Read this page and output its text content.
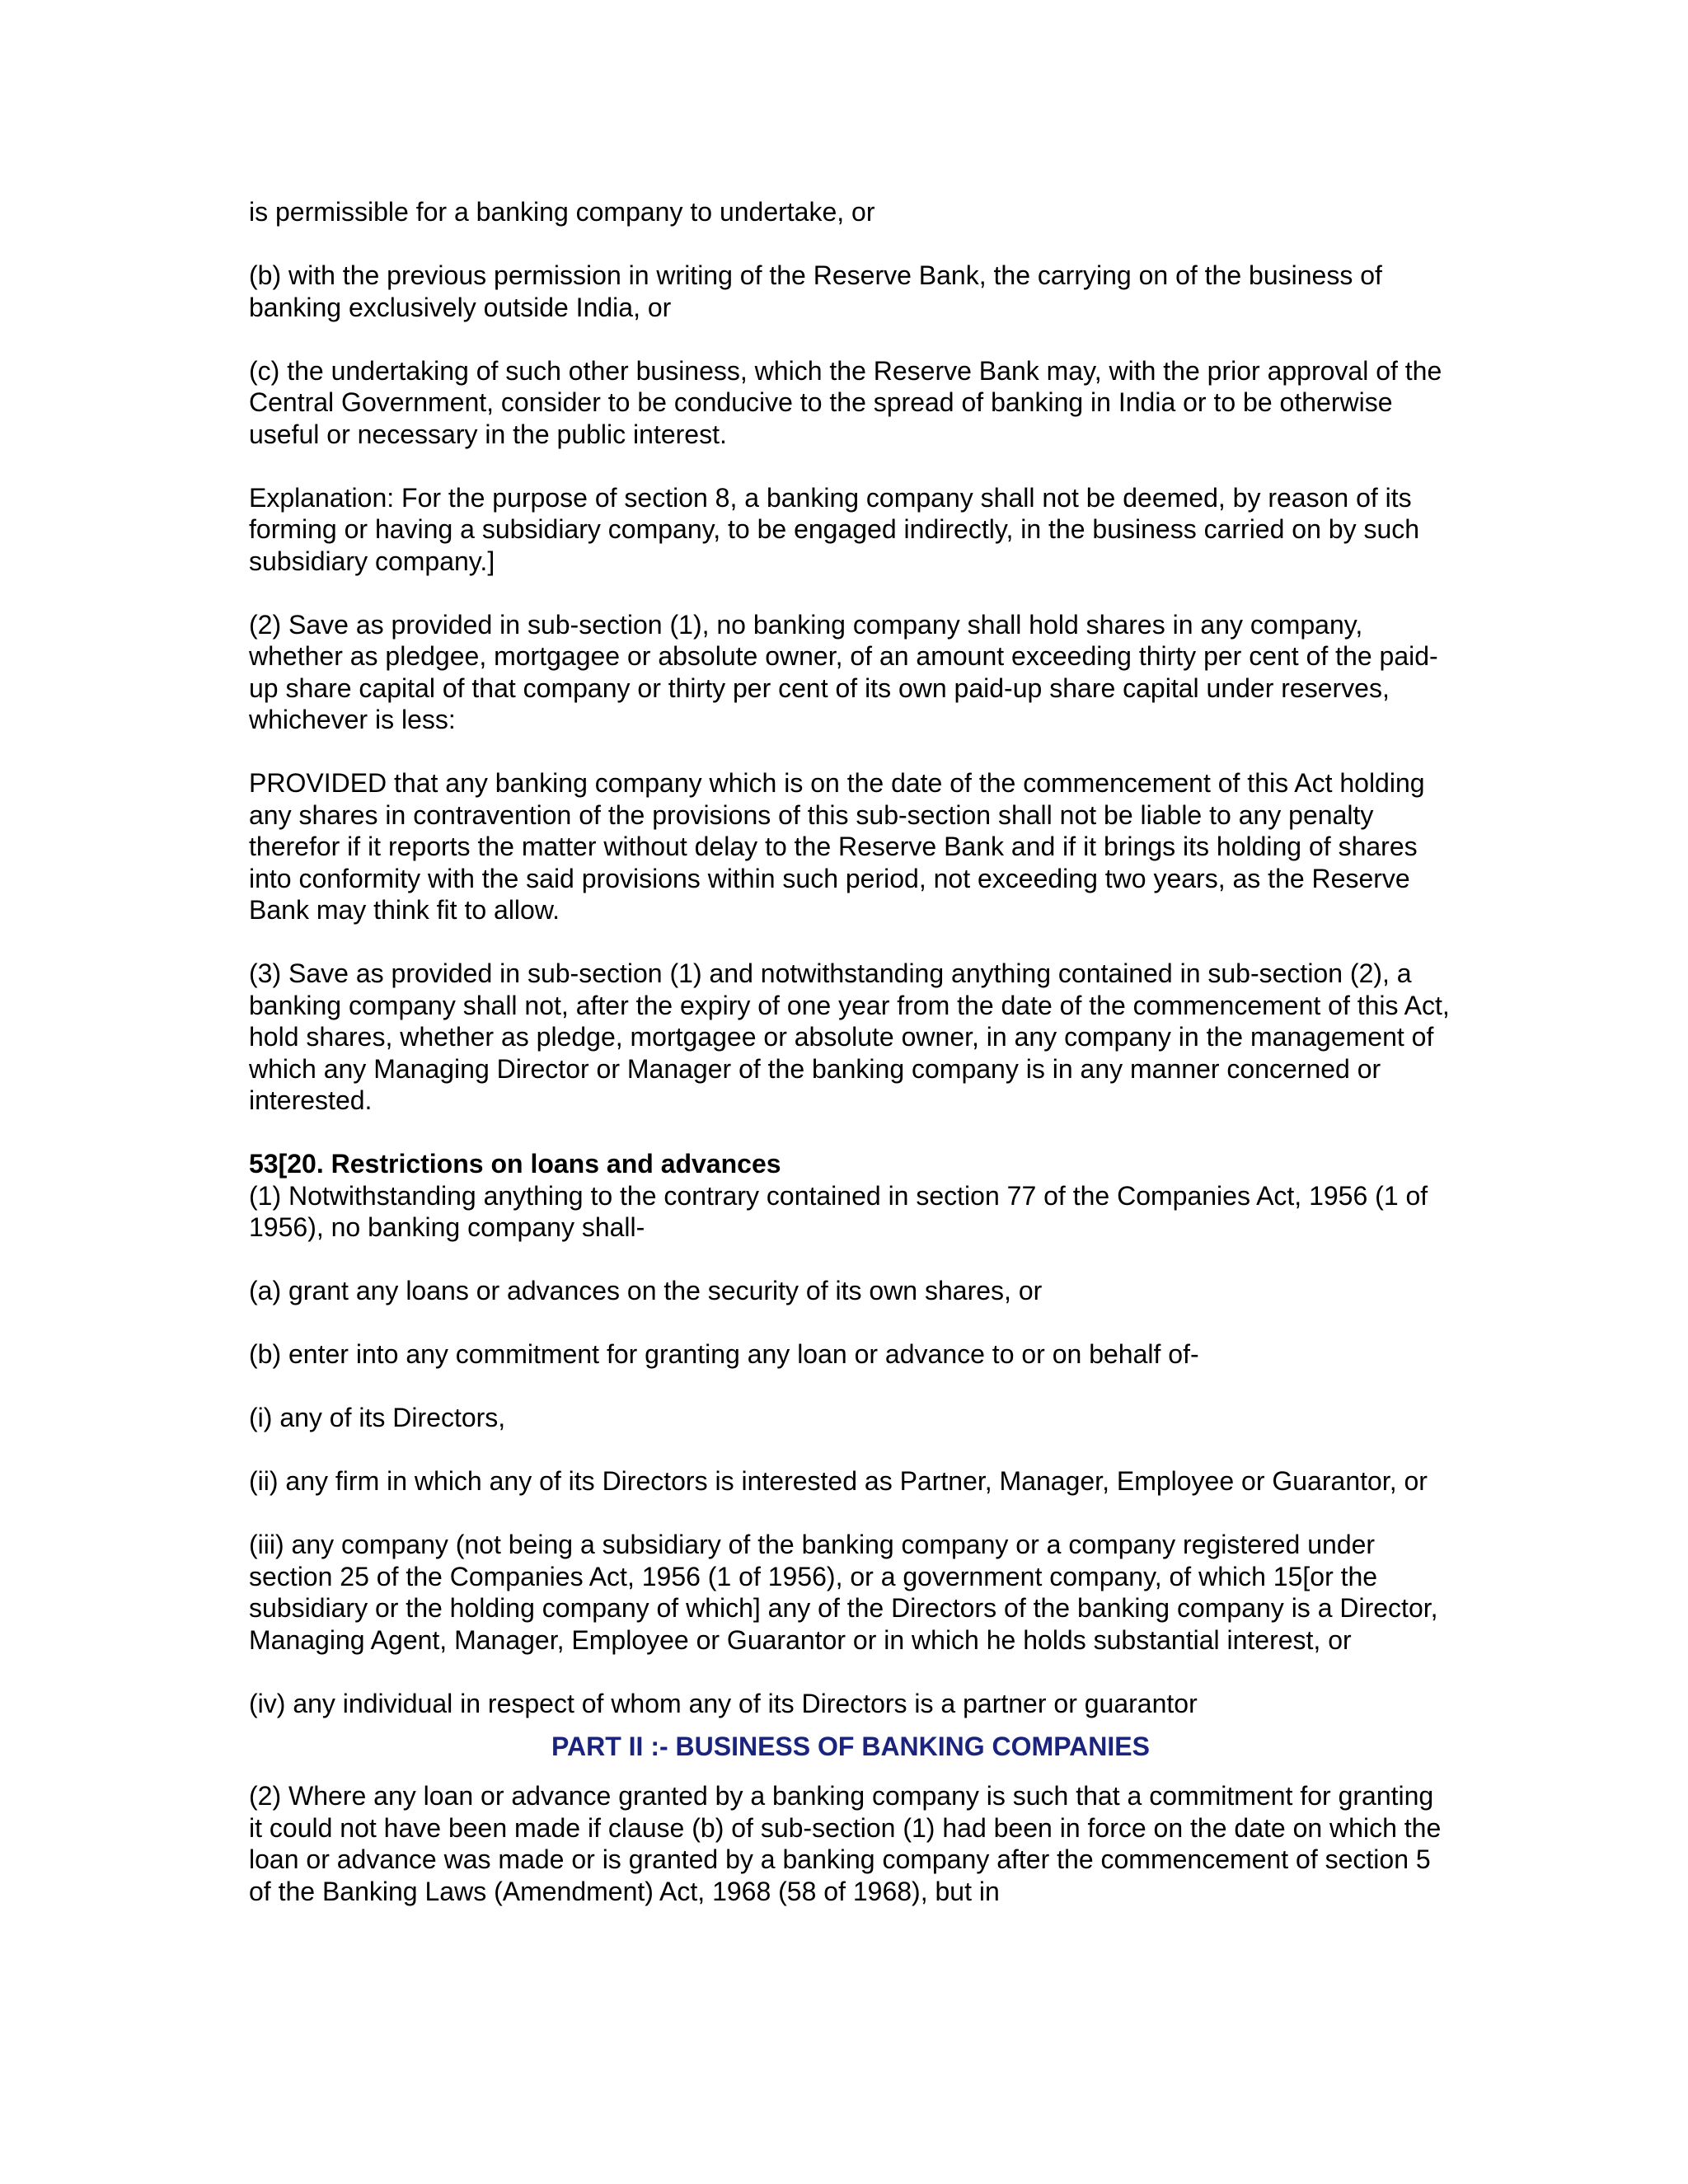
is permissible for a banking company to undertake, or

(b) with the previous permission in writing of the Reserve Bank, the carrying on of the business of banking exclusively outside India, or

(c) the undertaking of such other business, which the Reserve Bank may, with the prior approval of the Central Government, consider to be conducive to the spread of banking in India or to be otherwise useful or necessary in the public interest.

Explanation: For the purpose of section 8, a banking company shall not be deemed, by reason of its forming or having a subsidiary company, to be engaged indirectly, in the business carried on by such subsidiary company.]

(2) Save as provided in sub-section (1), no banking company shall hold shares in any company, whether as pledgee, mortgagee or absolute owner, of an amount exceeding thirty per cent of the paid-up share capital of that company or thirty per cent of its own paid-up share capital under reserves, whichever is less:

PROVIDED that any banking company which is on the date of the commencement of this Act holding any shares in contravention of the provisions of this sub-section shall not be liable to any penalty therefor if it reports the matter without delay to the Reserve Bank and if it brings its holding of shares into conformity with the said provisions within such period, not exceeding two years, as the Reserve Bank may think fit to allow.

(3) Save as provided in sub-section (1) and notwithstanding anything contained in sub-section (2), a banking company shall not, after the expiry of one year from the date of the commencement of this Act, hold shares, whether as pledge, mortgagee or absolute owner, in any company in the management of which any Managing Director or Manager of the banking company is in any manner concerned or interested.

53[20. Restrictions on loans and advances

(1) Notwithstanding anything to the contrary contained in section 77 of the Companies Act, 1956 (1 of 1956), no banking company shall-

(a) grant any loans or advances on the security of its own shares, or

(b) enter into any commitment for granting any loan or advance to or on behalf of-

(i) any of its Directors,

(ii) any firm in which any of its Directors is interested as Partner, Manager, Employee or Guarantor, or

(iii) any company (not being a subsidiary of the banking company or a company registered under section 25 of the Companies Act, 1956 (1 of 1956), or a government company, of which 15[or the subsidiary or the holding company of which] any of the Directors of the banking company is a Director, Managing Agent, Manager, Employee or Guarantor or in which he holds substantial interest, or

(iv) any individual in respect of whom any of its Directors is a partner or guarantor

PART II :- BUSINESS OF BANKING COMPANIES

(2) Where any loan or advance granted by a banking company is such that a commitment for granting it could not have been made if clause (b) of sub-section (1) had been in force on the date on which the loan or advance was made or is granted by a banking company after the commencement of section 5 of the Banking Laws (Amendment) Act, 1968 (58 of 1968), but in
